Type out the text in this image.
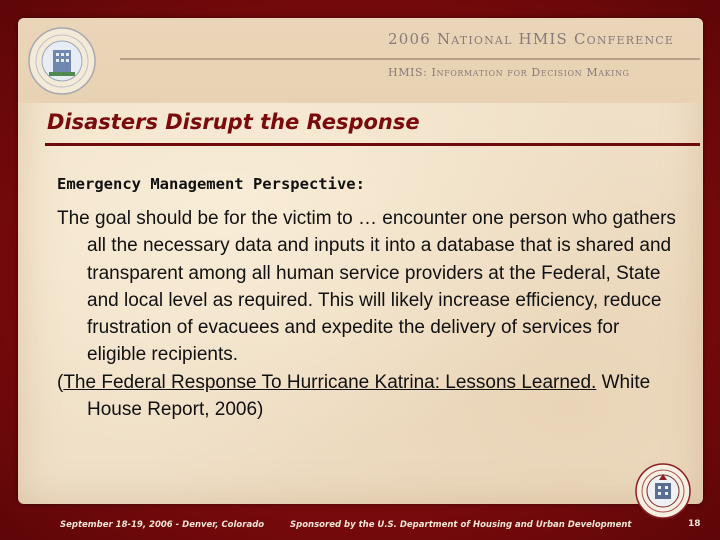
2006 National HMIS Conference
HMIS: Information for Decision Making
Disasters Disrupt the Response
Emergency Management Perspective:

The goal should be for the victim to … encounter one person who gathers all the necessary data and inputs it into a database that is shared and transparent among all human service providers at the Federal, State and local level as required. This will likely increase efficiency, reduce frustration of evacuees and expedite the delivery of services for eligible recipients.

(The Federal Response To Hurricane Katrina: Lessons Learned. White House Report, 2006)

September 18-19, 2006 - Denver, Colorado	Sponsored by the U.S. Department of Housing and Urban Development	18
